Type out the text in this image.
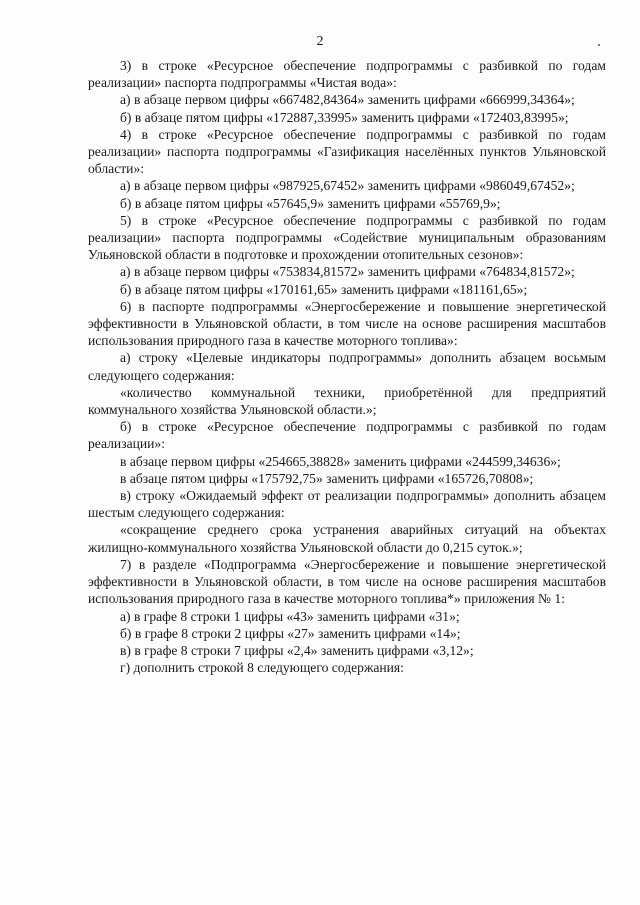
2
3) в строке «Ресурсное обеспечение подпрограммы с разбивкой по годам реализации» паспорта подпрограммы «Чистая вода»:
а) в абзаце первом цифры «667482,84364» заменить цифрами «666999,34364»;
б) в абзаце пятом цифры «172887,33995» заменить цифрами «172403,83995»;
4) в строке «Ресурсное обеспечение подпрограммы с разбивкой по годам реализации» паспорта подпрограммы «Газификация населённых пунктов Ульяновской области»:
а) в абзаце первом цифры «987925,67452» заменить цифрами «986049,67452»;
б) в абзаце пятом цифры «57645,9» заменить цифрами «55769,9»;
5) в строке «Ресурсное обеспечение подпрограммы с разбивкой по годам реализации» паспорта подпрограммы «Содействие муниципальным образованиям Ульяновской области в подготовке и прохождении отопительных сезонов»:
а) в абзаце первом цифры «753834,81572» заменить цифрами «764834,81572»;
б) в абзаце пятом цифры «170161,65» заменить цифрами «181161,65»;
6) в паспорте подпрограммы «Энергосбережение и повышение энергетической эффективности в Ульяновской области, в том числе на основе расширения масштабов использования природного газа в качестве моторного топлива»:
а) строку «Целевые индикаторы подпрограммы» дополнить абзацем восьмым следующего содержания:
«количество коммунальной техники, приобретённой для предприятий коммунального хозяйства Ульяновской области.»;
б) в строке «Ресурсное обеспечение подпрограммы с разбивкой по годам реализации»:
в абзаце первом цифры «254665,38828» заменить цифрами «244599,34636»;
в абзаце пятом цифры «175792,75» заменить цифрами «165726,70808»;
в) строку «Ожидаемый эффект от реализации подпрограммы» дополнить абзацем шестым следующего содержания:
«сокращение среднего срока устранения аварийных ситуаций на объектах жилищно-коммунального хозяйства Ульяновской области до 0,215 суток.»;
7) в разделе «Подпрограмма «Энергосбережение и повышение энергетической эффективности в Ульяновской области, в том числе на основе расширения масштабов использования природного газа в качестве моторного топлива*» приложения № 1:
а) в графе 8 строки 1 цифры «43» заменить цифрами «31»;
б) в графе 8 строки 2 цифры «27» заменить цифрами «14»;
в) в графе 8 строки 7 цифры «2,4» заменить цифрами «3,12»;
г) дополнить строкой 8 следующего содержания:
